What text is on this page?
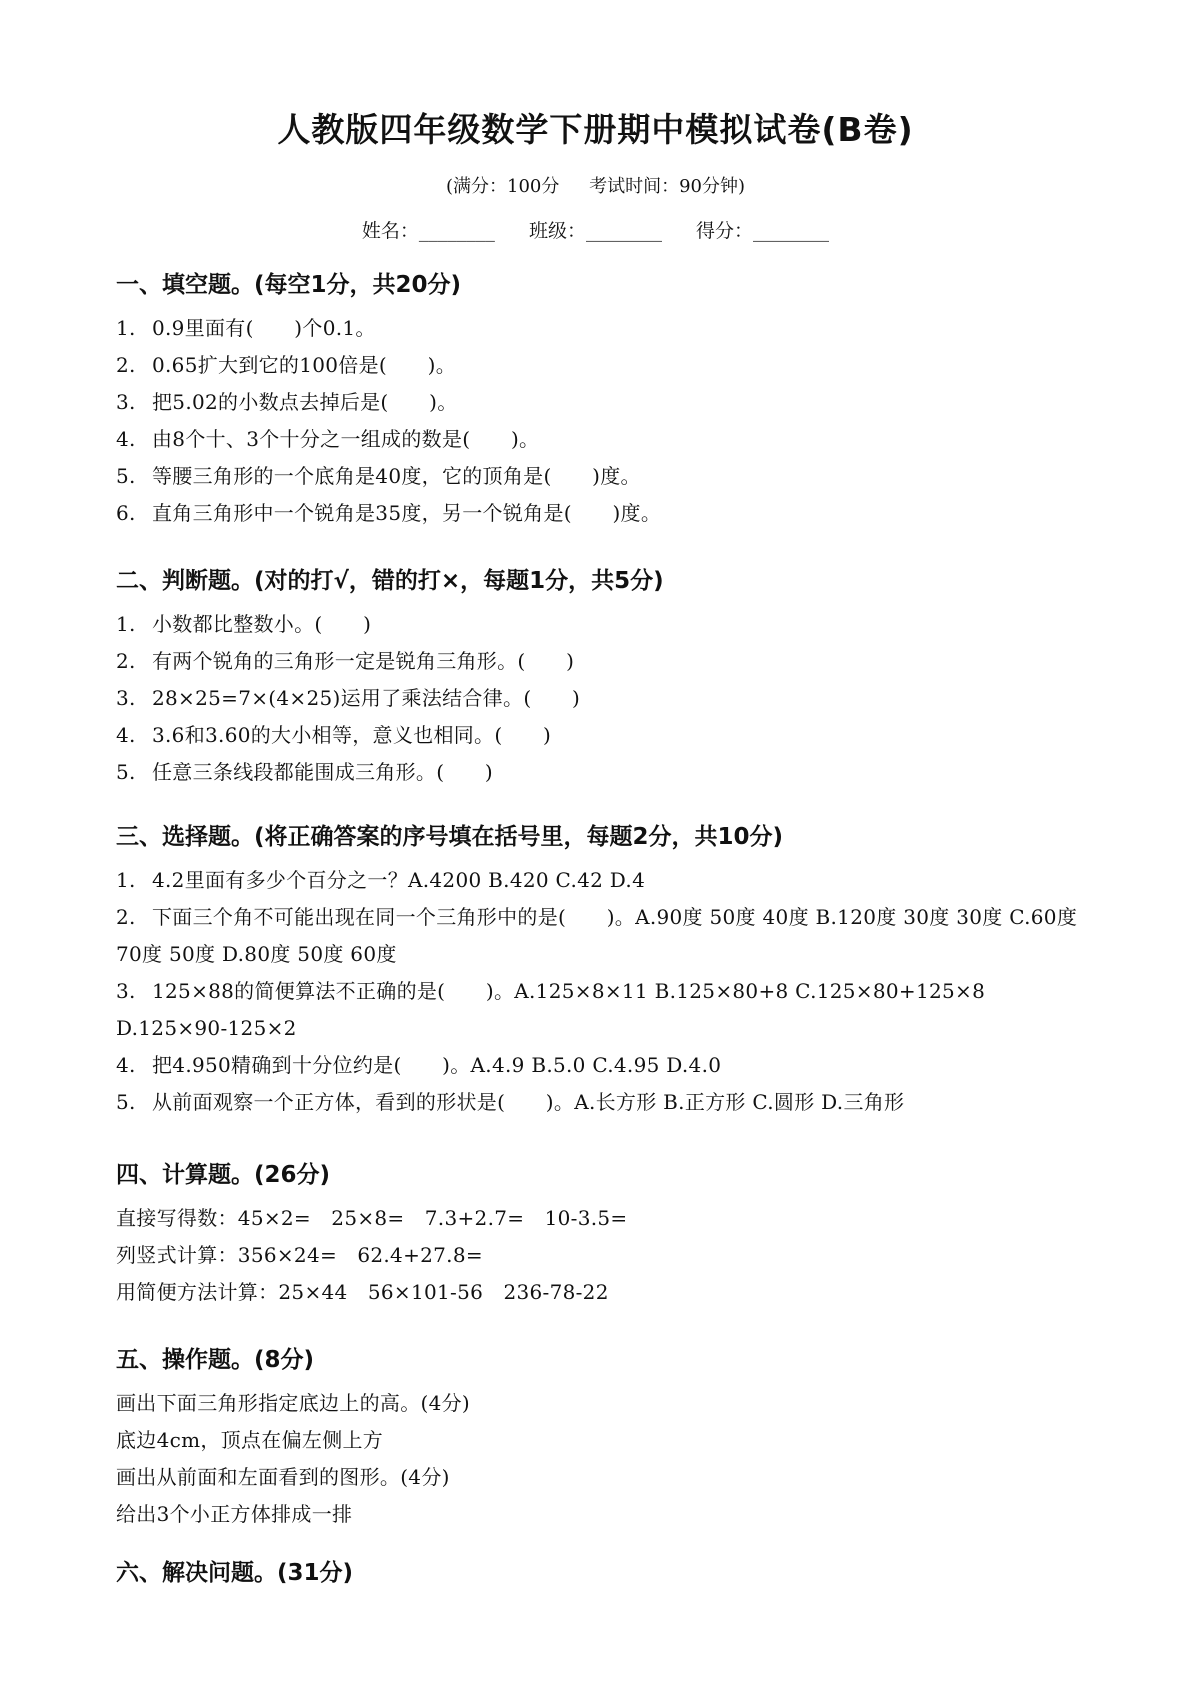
人教版四年级数学下册期中模拟试卷(B卷)
(满分：100分 考试时间：90分钟)
姓名：________ 班级：________ 得分：________
一、填空题。(每空1分，共20分)
1. 0.9里面有(　　)个0.1。
2. 0.65扩大到它的100倍是(　　)。
3. 把5.02的小数点去掉后是(　　)。
4. 由8个十、3个十分之一组成的数是(　　)。
5. 等腰三角形的一个底角是40度，它的顶角是(　　)度。
6. 直角三角形中一个锐角是35度，另一个锐角是(　　)度。
二、判断题。(对的打√，错的打×，每题1分，共5分)
1. 小数都比整数小。(　　)
2. 有两个锐角的三角形一定是锐角三角形。(　　)
3. 28×25=7×(4×25)运用了乘法结合律。(　　)
4. 3.6和3.60的大小相等，意义也相同。(　　)
5. 任意三条线段都能围成三角形。(　　)
三、选择题。(将正确答案的序号填在括号里，每题2分，共10分)
1. 4.2里面有多少个百分之一？A.4200 B.420 C.42 D.4
2. 下面三个角不可能出现在同一个三角形中的是(　　)。A.90度 50度 40度 B.120度 30度 30度 C.60度 70度 50度 D.80度 50度 60度
3. 125×88的简便算法不正确的是(　　)。A.125×8×11 B.125×80+8 C.125×80+125×8 D.125×90-125×2
4. 把4.950精确到十分位约是(　　)。A.4.9 B.5.0 C.4.95 D.4.0
5. 从前面观察一个正方体，看到的形状是(　　)。A.长方形 B.正方形 C.圆形 D.三角形
四、计算题。(26分)
直接写得数：45×2=　25×8=　7.3+2.7=　10-3.5=
列竖式计算：356×24=　62.4+27.8=
用简便方法计算：25×44　56×101-56　236-78-22
五、操作题。(8分)
画出下面三角形指定底边上的高。(4分)
底边4cm，顶点在偏左侧上方
画出从前面和左面看到的图形。(4分)
给出3个小正方体排成一排
六、解决问题。(31分)
